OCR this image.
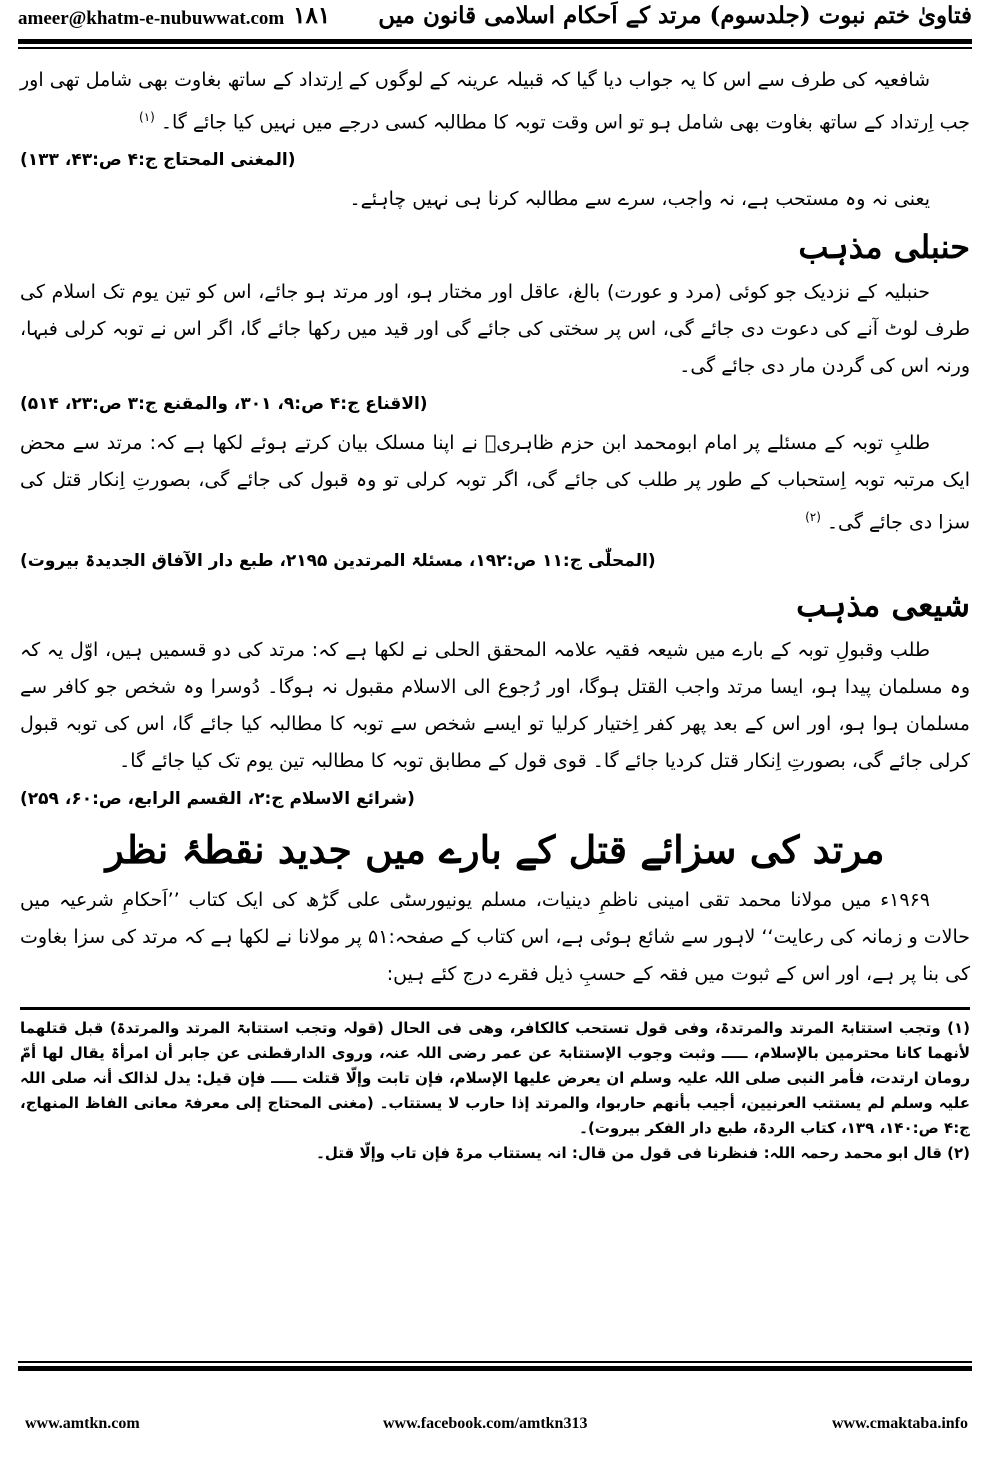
ameer@khatm-e-nubuwwat.com	فتاویٰ ختم نبوت (جلدسوم) مرتد کے اَحکام اسلامی قانون میں ۱۸۱

شافعیہ کی طرف سے اس کا یہ جواب دیا گیا کہ قبیلہ عرینہ کے لوگوں کے اِرتداد کے ساتھ بغاوت بھی شامل تھی اور جب اِرتداد کے ساتھ بغاوت بھی شامل ہو تو اس وقت توبہ کا مطالبہ کسی درجے میں نہیں کیا جائے گا۔$^{(۱)}$

(المغنی المحتاج ج:۴ ص:۴۳، ۱۳۳)

یعنی نہ وہ مستحب ہے، نہ واجب، سرے سے مطالبہ کرنا ہی نہیں چاہئے۔

حنبلی مذہب

حنبلیہ کے نزدیک جو کوئی (مرد و عورت) بالغ، عاقل اور مختار ہو، اور مرتد ہو جائے، اس کو تین یوم تک اسلام کی طرف لوٹ آنے کی دعوت دی جائے گی، اس پر سختی کی جائے گی اور قید میں رکھا جائے گا، اگر اس نے توبہ کرلی فبہا، ورنہ اس کی گردن مار دی جائے گی۔

(الاقناع ج:۴ ص:۹، ۳۰۱، والمقنع ج:۳ ص:۲۳، ۵۱۴)

طلبِ توبہ کے مسئلے پر امام ابومحمد ابن حزم ظاہریؒ نے اپنا مسلک بیان کرتے ہوئے لکھا ہے کہ: مرتد سے محض ایک مرتبہ توبہ اِستحباب کے طور پر طلب کی جائے گی، اگر توبہ کرلی تو وہ قبول کی جائے گی، بصورتِ اِنکار قتل کی سزا دی جائے گی۔$^{(۲)}$

(المحلّٰی ج:۱۱ ص:۱۹۲، مسئلۃ المرتدین ۲۱۹۵، طبع دار الآفاق الجدیدۃ بیروت)
شیعی مذہب

طلب وقبولِ توبہ کے بارے میں شیعہ فقیہ علامہ المحقق الحلی نے لکھا ہے کہ: مرتد کی دو قسمیں ہیں، اوّل یہ کہ وہ مسلمان پیدا ہو، ایسا مرتد واجب القتل ہوگا، اور رُجوع الی الاسلام مقبول نہ ہوگا۔ دُوسرا وہ شخص جو کافر سے مسلمان ہوا ہو، اور اس کے بعد پھر کفر اِختیار کرلیا تو ایسے شخص سے توبہ کا مطالبہ کیا جائے گا، اس کی توبہ قبول کرلی جائے گی، بصورتِ اِنکار قتل کردیا جائے گا۔ قوی قول کے مطابق توبہ کا مطالبہ تین یوم تک کیا جائے گا۔

(شرائع الاسلام ج:۲، القسم الرابع، ص:۶۰، ۲۵۹)
مرتد کی سزائے قتل کے بارے میں جدید نقطۂ نظر

۱۹۶۹ء میں مولانا محمد تقی امینی ناظمِ دینیات، مسلم یونیورسٹی علی گڑھ کی ایک کتاب ’’اَحکامِ شرعیہ میں حالات و زمانہ کی رعایت‘‘ لاہور سے شائع ہوئی ہے، اس کتاب کے صفحہ:۵۱ پر مولانا نے لکھا ہے کہ مرتد کی سزا بغاوت کی بنا پر ہے، اور اس کے ثبوت میں فقہ کے حسبِ ذیل فقرے درج کئے ہیں:

(۱) وتجب استتابۃ المرتد والمرتدۃ، وفی قول تستحب کالکافر، وھی فی الحال (قولہ وتجب استتابۃ المرتد والمرتدۃ) قبل قتلھما لأنھما کانا محترمین بالإسلام، ـــــ وثبت وجوب الإستتابۃ عن عمر رضی اللہ عنہ، وروی الدارقطنی عن جابر أن امرأۃ یقال لھا أمّ رومان ارتدت، فأمر النبی صلی اللہ علیہ وسلم ان یعرض علیھا الإسلام، فإن تابت وإلّا قتلت ـــــ فإن قیل: یدل لذالک أنہ صلی اللہ علیہ وسلم لم یستتب العرنیین، أجیب بأنھم حاربوا، والمرتد إذا حارب لا یستتاب۔ (مغنی المحتاج إلی معرفۃ معانی الفاظ المنھاج، ج:۴ ص:۱۴۰، ۱۳۹، کتاب الردۃ، طبع دار الفکر بیروت)۔

(۲) قال ابو محمد رحمہ اللہ: فنظرنا فی قول من قال: انہ یستتاب مرۃ فإن تاب وإلّا قتل۔

www.amtkn.com	www.facebook.com/amtkn313	www.cmaktaba.info
